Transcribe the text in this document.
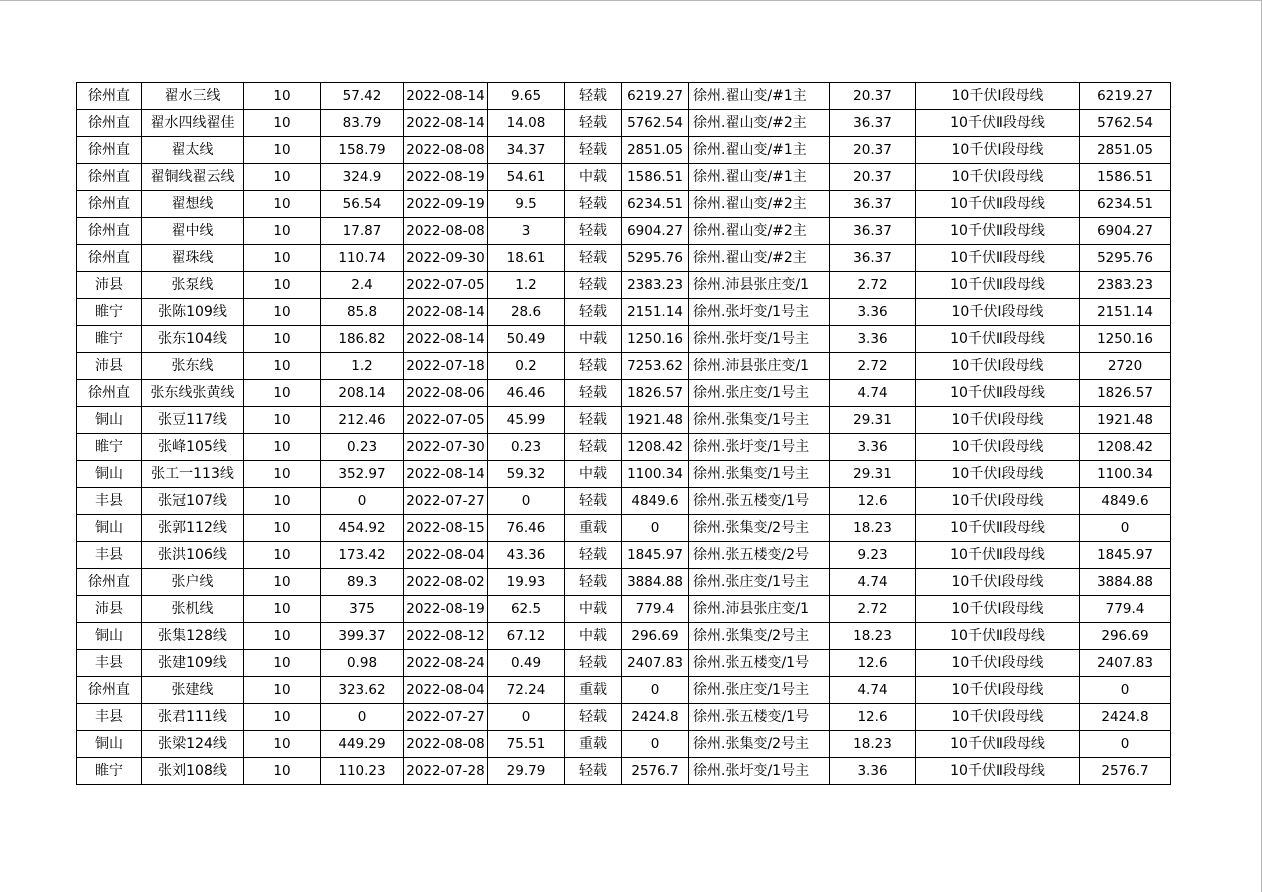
徐州直	翟水三线	10	57.42	2022-08-14	9.65	轻载	6219.27	徐州.翟山变/#1主	20.37	10千伏Ⅰ段母线	6219.27
徐州直	翟水四线翟佳	10	83.79	2022-08-14	14.08	轻载	5762.54	徐州.翟山变/#2主	36.37	10千伏Ⅱ段母线	5762.54
徐州直	翟太线	10	158.79	2022-08-08	34.37	轻载	2851.05	徐州.翟山变/#1主	20.37	10千伏Ⅰ段母线	2851.05
徐州直	翟铜线翟云线	10	324.9	2022-08-19	54.61	中载	1586.51	徐州.翟山变/#1主	20.37	10千伏Ⅰ段母线	1586.51
徐州直	翟想线	10	56.54	2022-09-19	9.5	轻载	6234.51	徐州.翟山变/#2主	36.37	10千伏Ⅱ段母线	6234.51
徐州直	翟中线	10	17.87	2022-08-08	3	轻载	6904.27	徐州.翟山变/#2主	36.37	10千伏Ⅱ段母线	6904.27
徐州直	翟珠线	10	110.74	2022-09-30	18.61	轻载	5295.76	徐州.翟山变/#2主	36.37	10千伏Ⅱ段母线	5295.76
沛县	张泵线	10	2.4	2022-07-05	1.2	轻载	2383.23	徐州.沛县张庄变/1	2.72	10千伏Ⅱ段母线	2383.23
睢宁	张陈109线	10	85.8	2022-08-14	28.6	轻载	2151.14	徐州.张圩变/1号主	3.36	10千伏Ⅰ段母线	2151.14
睢宁	张东104线	10	186.82	2022-08-14	50.49	中载	1250.16	徐州.张圩变/1号主	3.36	10千伏Ⅱ段母线	1250.16
沛县	张东线	10	1.2	2022-07-18	0.2	轻载	7253.62	徐州.沛县张庄变/1	2.72	10千伏Ⅰ段母线	2720
徐州直	张东线张黄线	10	208.14	2022-08-06	46.46	轻载	1826.57	徐州.张庄变/1号主	4.74	10千伏Ⅱ段母线	1826.57
铜山	张豆117线	10	212.46	2022-07-05	45.99	轻载	1921.48	徐州.张集变/1号主	29.31	10千伏Ⅰ段母线	1921.48
睢宁	张峰105线	10	0.23	2022-07-30	0.23	轻载	1208.42	徐州.张圩变/1号主	3.36	10千伏Ⅰ段母线	1208.42
铜山	张工一113线	10	352.97	2022-08-14	59.32	中载	1100.34	徐州.张集变/1号主	29.31	10千伏Ⅰ段母线	1100.34
丰县	张冠107线	10	0	2022-07-27	0	轻载	4849.6	徐州.张五楼变/1号	12.6	10千伏Ⅰ段母线	4849.6
铜山	张郭112线	10	454.92	2022-08-15	76.46	重载	0	徐州.张集变/2号主	18.23	10千伏Ⅱ段母线	0
丰县	张洪106线	10	173.42	2022-08-04	43.36	轻载	1845.97	徐州.张五楼变/2号	9.23	10千伏Ⅱ段母线	1845.97
徐州直	张户线	10	89.3	2022-08-02	19.93	轻载	3884.88	徐州.张庄变/1号主	4.74	10千伏Ⅰ段母线	3884.88
沛县	张机线	10	375	2022-08-19	62.5	中载	779.4	徐州.沛县张庄变/1	2.72	10千伏Ⅰ段母线	779.4
铜山	张集128线	10	399.37	2022-08-12	67.12	中载	296.69	徐州.张集变/2号主	18.23	10千伏Ⅱ段母线	296.69
丰县	张建109线	10	0.98	2022-08-24	0.49	轻载	2407.83	徐州.张五楼变/1号	12.6	10千伏Ⅰ段母线	2407.83
徐州直	张建线	10	323.62	2022-08-04	72.24	重载	0	徐州.张庄变/1号主	4.74	10千伏Ⅰ段母线	0
丰县	张君111线	10	0	2022-07-27	0	轻载	2424.8	徐州.张五楼变/1号	12.6	10千伏Ⅰ段母线	2424.8
铜山	张梁124线	10	449.29	2022-08-08	75.51	重载	0	徐州.张集变/2号主	18.23	10千伏Ⅱ段母线	0
睢宁	张刘108线	10	110.23	2022-07-28	29.79	轻载	2576.7	徐州.张圩变/1号主	3.36	10千伏Ⅱ段母线	2576.7
